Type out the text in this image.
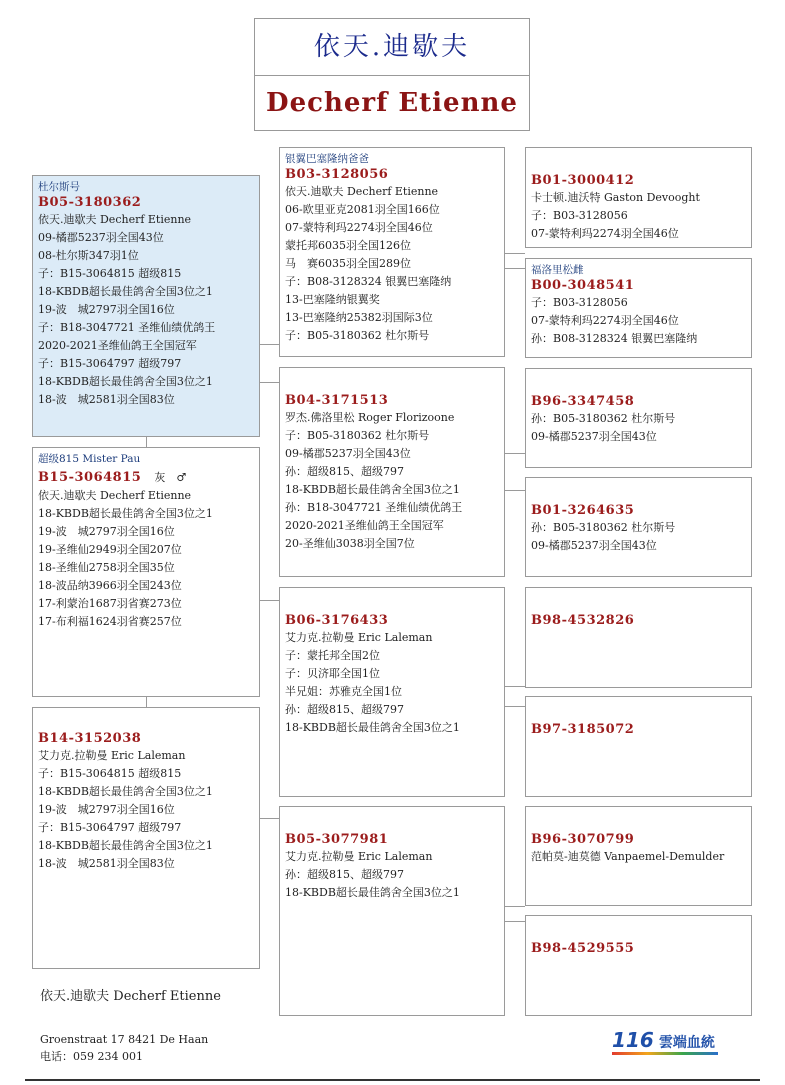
依天.迪歇夫
Decherf Etienne
杜尔斯号
B05-3180362
依天.迪歇夫 Decherf Etienne
09-橘郡5237羽全国43位
08-杜尔斯347羽1位
子：B15-3064815 超级815
18-KBDB超长最佳鸽舍全国3位之1
19-波　城2797羽全国16位
子：B18-3047721 圣维仙绩优鸽王
2020-2021圣维仙鸽王全国冠军
子：B15-3064797 超级797
18-KBDB超长最佳鸽舍全国3位之1
18-波　城2581羽全国83位
超级815 Mister Pau
B15-3064815 灰　♂
依天.迪歇夫 Decherf Etienne
18-KBDB超长最佳鸽舍全国3位之1
19-波　城2797羽全国16位
19-圣维仙2949羽全国207位
18-圣维仙2758羽全国35位
18-波品纳3966羽全国243位
17-利蒙治1687羽省赛273位
17-布利福1624羽省赛257位
B14-3152038
艾力克.拉勒曼 Eric Laleman
子：B15-3064815 超级815
18-KBDB超长最佳鸽舍全国3位之1
19-波　城2797羽全国16位
子：B15-3064797 超级797
18-KBDB超长最佳鸽舍全国3位之1
18-波　城2581羽全国83位
银翼巴塞隆纳爸爸
B03-3128056
依天.迪歇夫 Decherf Etienne
06-欧里亚克2081羽全国166位
07-蒙特利玛2274羽全国46位
蒙托邦6035羽全国126位
马　赛6035羽全国289位
子：B08-3128324 银翼巴塞隆纳
13-巴塞隆纳银翼奖
13-巴塞隆纳25382羽国际3位
子：B05-3180362 杜尔斯号
B04-3171513
罗杰.佛洛里松 Roger Florizoone
子：B05-3180362 杜尔斯号
09-橘郡5237羽全国43位
孙：超级815、超级797
18-KBDB超长最佳鸽舍全国3位之1
孙：B18-3047721 圣维仙绩优鸽王
2020-2021圣维仙鸽王全国冠军
20-圣维仙3038羽全国7位
B06-3176433
艾力克.拉勒曼 Eric Laleman
子：蒙托邦全国2位
子：贝济耶全国1位
半兄姐：苏雅克全国1位
孙：超级815、超级797
18-KBDB超长最佳鸽舍全国3位之1
B05-3077981
艾力克.拉勒曼 Eric Laleman
孙：超级815、超级797
18-KBDB超长最佳鸽舍全国3位之1
B01-3000412
卡士顿.迪沃特 Gaston Devooght
子：B03-3128056
07-蒙特利玛2274羽全国46位
福洛里松雌
B00-3048541
子：B03-3128056
07-蒙特利玛2274羽全国46位
孙：B08-3128324 银翼巴塞隆纳
B96-3347458
孙：B05-3180362 杜尔斯号
09-橘郡5237羽全国43位
B01-3264635
孙：B05-3180362 杜尔斯号
09-橘郡5237羽全国43位
B98-4532826
B97-3185072
B96-3070799
范帕莫-迪莫德 Vanpaemel-Demulder
B98-4529555
依天.迪歇夫 Decherf Etienne
Groenstraat 17 8421 De Haan
电话：059 234 001
116 雲端血統
